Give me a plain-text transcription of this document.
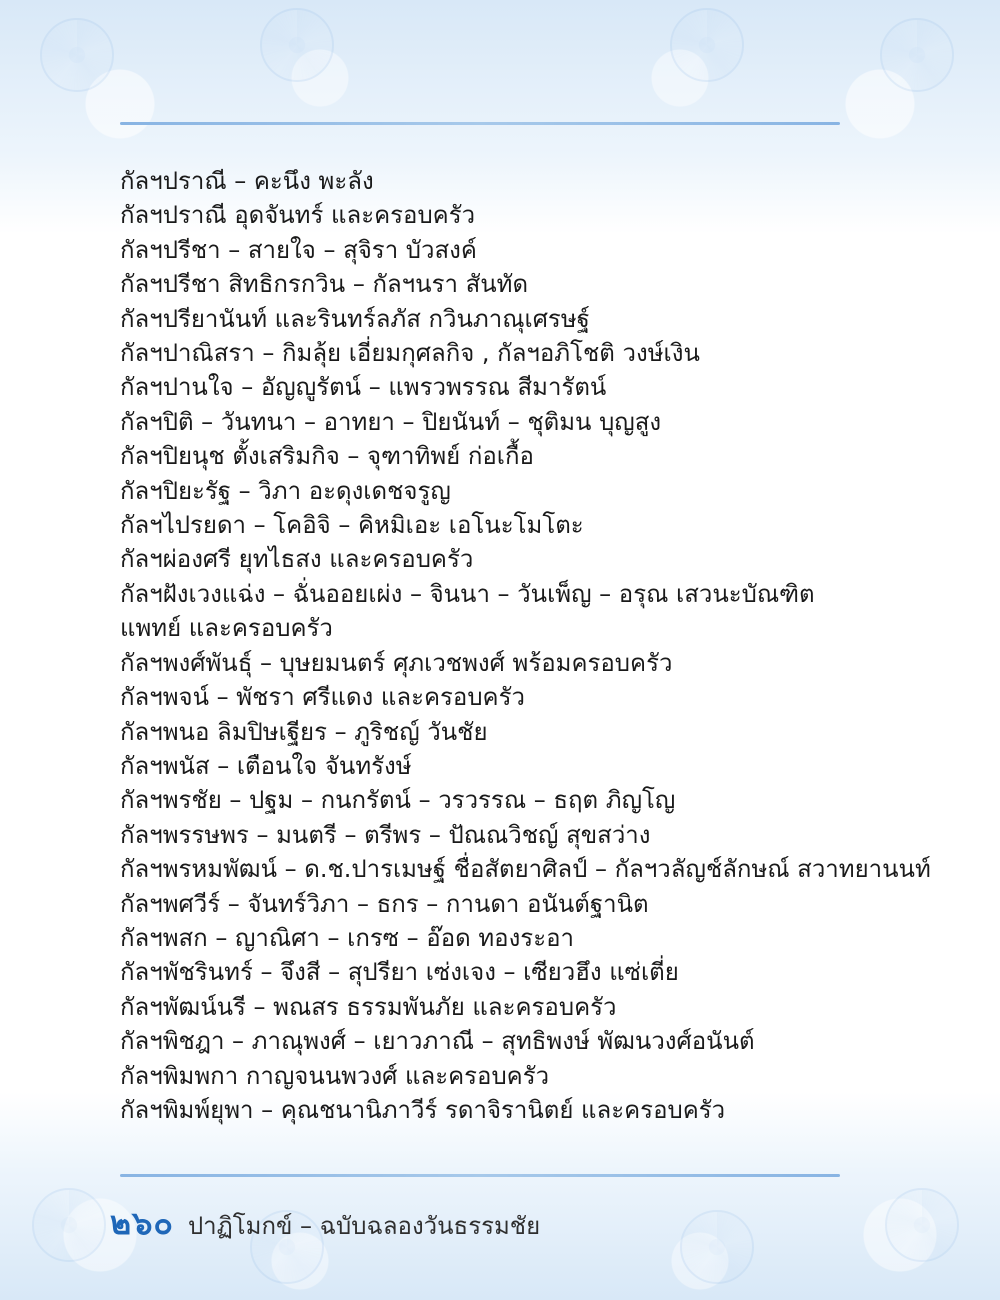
กัลฯปราณี – คะนึง พะลัง
กัลฯปราณี อุดจันทร์ และครอบครัว
กัลฯปรีชา – สายใจ – สุจิรา บัวสงค์
กัลฯปรีชา สิทธิกรกวิน – กัลฯนรา สันทัด
กัลฯปรียานันท์ และรินทร์ลภัส กวินภาณุเศรษฐ์
กัลฯปาณิสรา – กิมลุ้ย เอี่ยมกุศลกิจ , กัลฯอภิโชติ วงษ์เงิน
กัลฯปานใจ – อัญญูรัตน์ – แพรวพรรณ สีมารัตน์
กัลฯปิติ – วันทนา – อาทยา – ปิยนันท์ – ชุติมน บุญสูง
กัลฯปิยนุช ตั้งเสริมกิจ – จุฑาทิพย์ ก่อเกื้อ
กัลฯปิยะรัฐ – วิภา อะดุงเดชจรูญ
กัลฯไปรยดา – โคอิจิ – คิหมิเอะ เอโนะโมโตะ
กัลฯผ่องศรี ยุทไธสง และครอบครัว
กัลฯฝังเวงแฉ่ง – ฉั่นออยเผ่ง – จินนา – วันเพ็ญ – อรุณ เสวนะบัณฑิตแพทย์ และครอบครัว
กัลฯพงศ์พันธุ์ – บุษยมนตร์ ศุภเวชพงศ์ พร้อมครอบครัว
กัลฯพจน์ – พัชรา ศรีแดง และครอบครัว
กัลฯพนอ ลิมปิษเฐียร – ภูริชญ์ วันชัย
กัลฯพนัส – เตือนใจ จันทรังษ์
กัลฯพรชัย – ปฐม – กนกรัตน์ – วรวรรณ – ธฤต ภิญโญ
กัลฯพรรษพร – มนตรี – ตรีพร – ปัณณวิชญ์ สุขสว่าง
กัลฯพรหมพัฒน์ – ด.ช.ปารเมษฐ์ ชื่อสัตยาศิลป์ – กัลฯวลัญช์ลักษณ์ สวาทยานนท์
กัลฯพศวีร์ – จันทร์วิภา – ธกร – กานดา อนันต์ฐานิต
กัลฯพสก – ญาณิศา – เกรซ – อ๊อด ทองระอา
กัลฯพัชรินทร์ – จึงสี – สุปรียา เซ่งเจง – เซียวฮึง แซ่เตี่ย
กัลฯพัฒน์นรี – พณสร ธรรมพันภัย และครอบครัว
กัลฯพิชฎา – ภาณุพงศ์ – เยาวภาณี – สุทธิพงษ์ พัฒนวงศ์อนันต์
กัลฯพิมพกา กาญจนนพวงศ์ และครอบครัว
กัลฯพิมพ์ยุพา – คุณชนานิภาวีร์ รดาจิรานิตย์ และครอบครัว
๒๖๐ ปาฏิโมกข์ – ฉบับฉลองวันธรรมชัย
